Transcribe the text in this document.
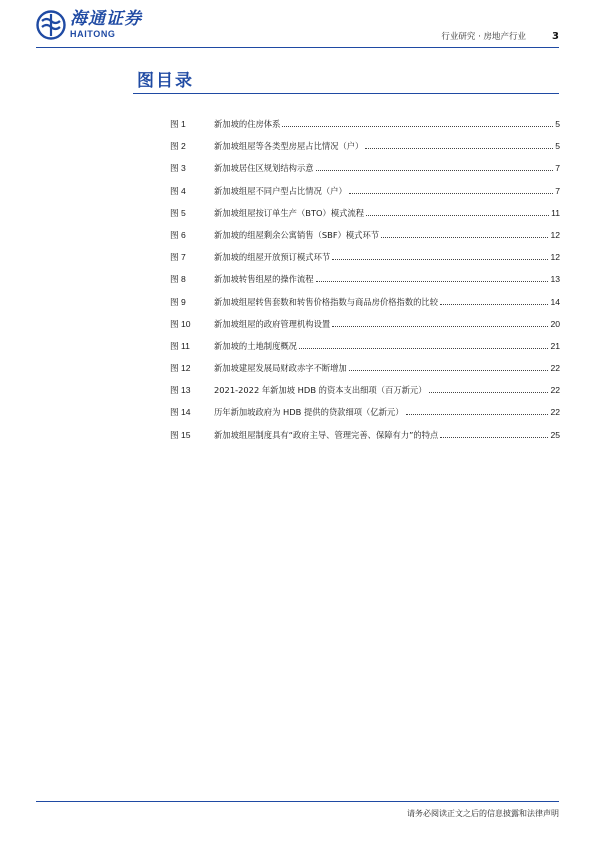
海通证券
HAITONG	行业研究 · 房地产行业	3
图目录
图 1	新加坡的住房体系	5
图 2	新加坡组屋等各类型房屋占比情况（户）	5
图 3	新加坡居住区规划结构示意	7
图 4	新加坡组屋不同户型占比情况（户）	7
图 5	新加坡组屋按订单生产（BTO）模式流程	11
图 6	新加坡的组屋剩余公寓销售（SBF）模式环节	12
图 7	新加坡的组屋开放预订模式环节	12
图 8	新加坡转售组屋的操作流程	13
图 9	新加坡组屋转售套数和转售价格指数与商品房价格指数的比较	14
图 10	新加坡组屋的政府管理机构设置	20
图 11	新加坡的土地制度概况	21
图 12	新加坡建屋发展局财政赤字不断增加	22
图 13	2021-2022 年新加坡 HDB 的资本支出细项（百万新元）	22
图 14	历年新加坡政府为 HDB 提供的贷款细项（亿新元）	22
图 15	新加坡组屋制度具有“政府主导、管理完善、保障有力”的特点	25
请务必阅读正文之后的信息披露和法律声明
